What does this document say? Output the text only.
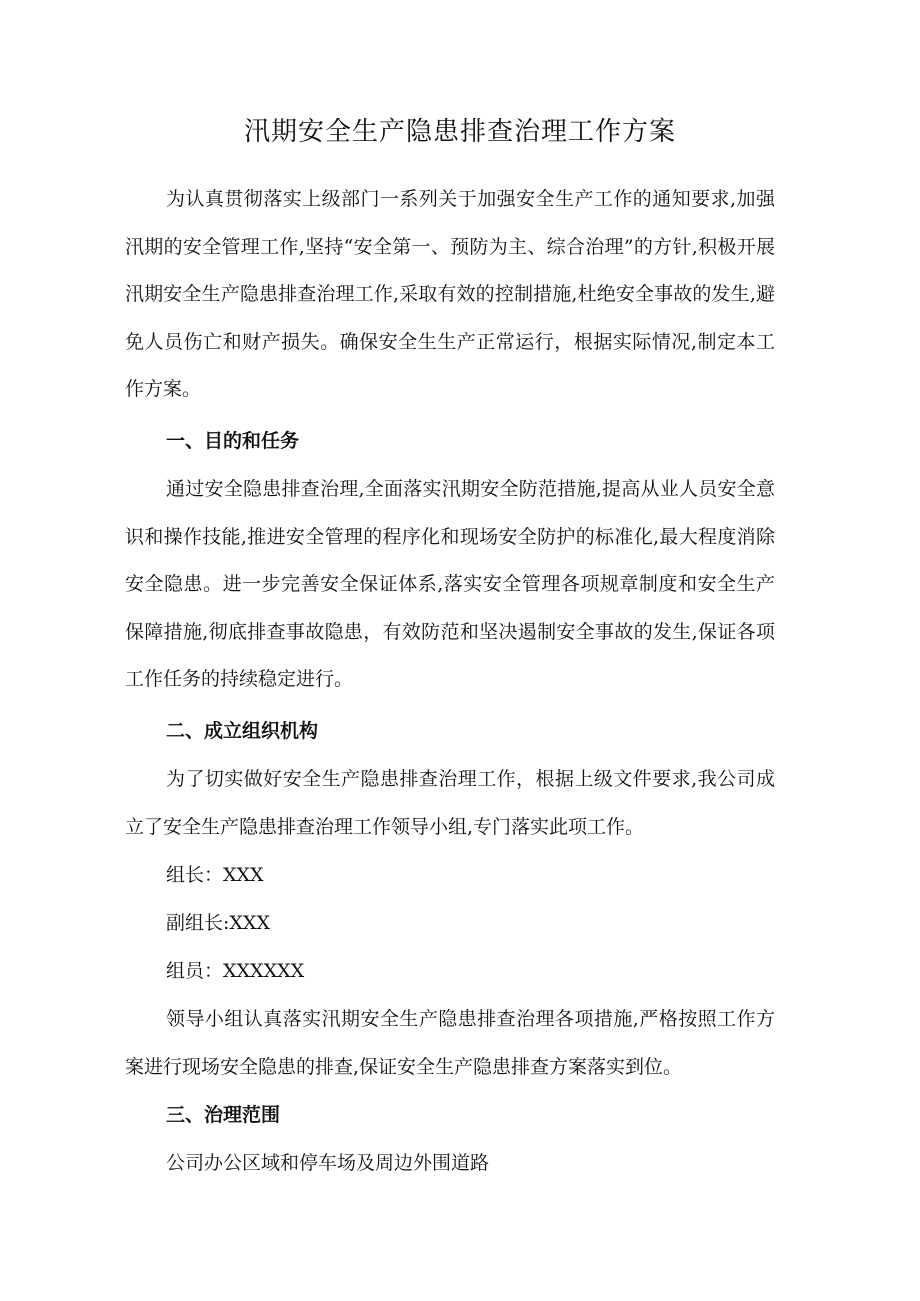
汛期安全生产隐患排查治理工作方案

为认真贯彻落实上级部门一系列关于加强安全生产工作的通知要求,加强汛期的安全管理工作,坚持“安全第一、预防为主、综合治理”的方针,积极开展汛期安全生产隐患排查治理工作,采取有效的控制措施,杜绝安全事故的发生,避免人员伤亡和财产损失。确保安全生生产正常运行，根据实际情况,制定本工作方案。

一、目的和任务

通过安全隐患排查治理,全面落实汛期安全防范措施,提高从业人员安全意识和操作技能,推进安全管理的程序化和现场安全防护的标准化,最大程度消除安全隐患。进一步完善安全保证体系,落实安全管理各项规章制度和安全生产保障措施,彻底排查事故隐患，有效防范和坚决遏制安全事故的发生,保证各项工作任务的持续稳定进行。

二、成立组织机构

为了切实做好安全生产隐患排查治理工作，根据上级文件要求,我公司成立了安全生产隐患排查治理工作领导小组,专门落实此项工作。

组长：XXX
副组长:XXX
组员：XXXXXX

领导小组认真落实汛期安全生产隐患排查治理各项措施,严格按照工作方案进行现场安全隐患的排查,保证安全生产隐患排查方案落实到位。

三、治理范围
公司办公区域和停车场及周边外围道路
